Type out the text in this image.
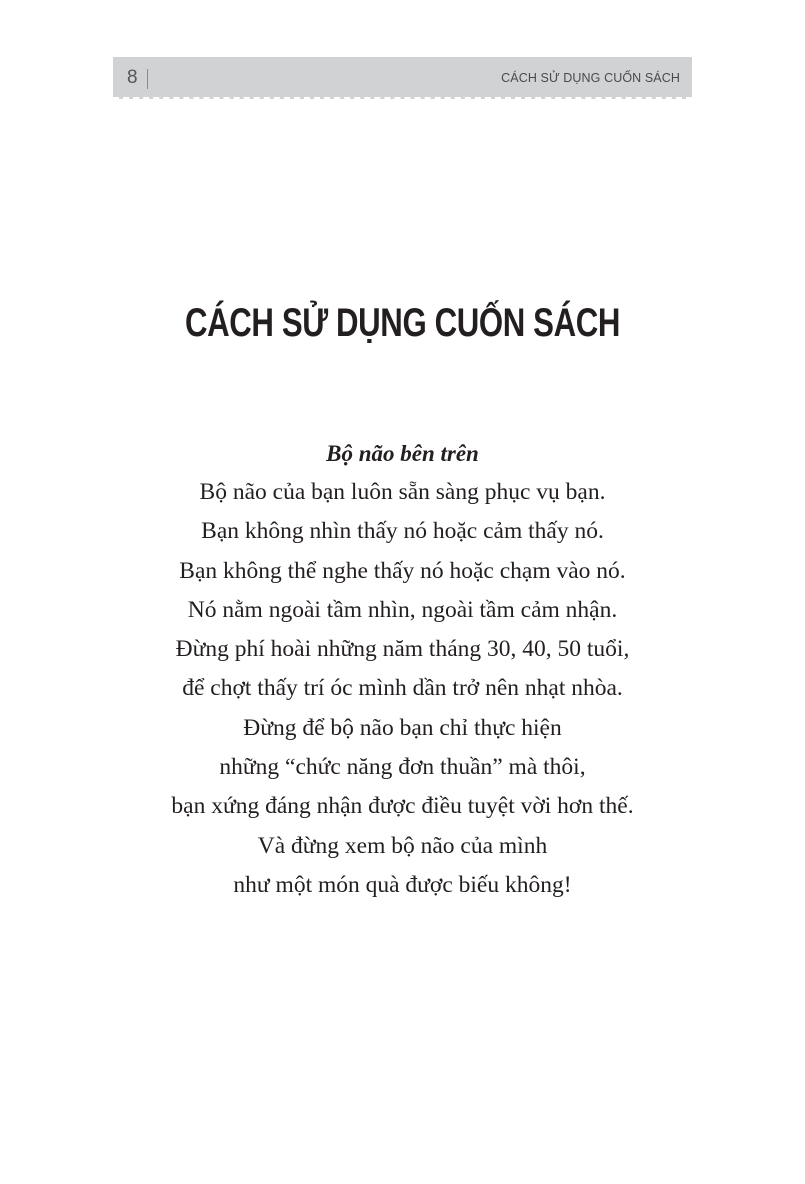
8	CÁCH SỬ DỤNG CUỐN SÁCH
CÁCH SỬ DỤNG CUỐN SÁCH

Bộ não bên trên

Bộ não của bạn luôn sẵn sàng phục vụ bạn.

Bạn không nhìn thấy nó hoặc cảm thấy nó.

Bạn không thể nghe thấy nó hoặc chạm vào nó.

Nó nằm ngoài tầm nhìn, ngoài tầm cảm nhận.

Đừng phí hoài những năm tháng 30, 40, 50 tuổi,

để chợt thấy trí óc mình dần trở nên nhạt nhòa.

Đừng để bộ não bạn chỉ thực hiện

những “chức năng đơn thuần” mà thôi,

bạn xứng đáng nhận được điều tuyệt vời hơn thế.

Và đừng xem bộ não của mình

như một món quà được biếu không!
